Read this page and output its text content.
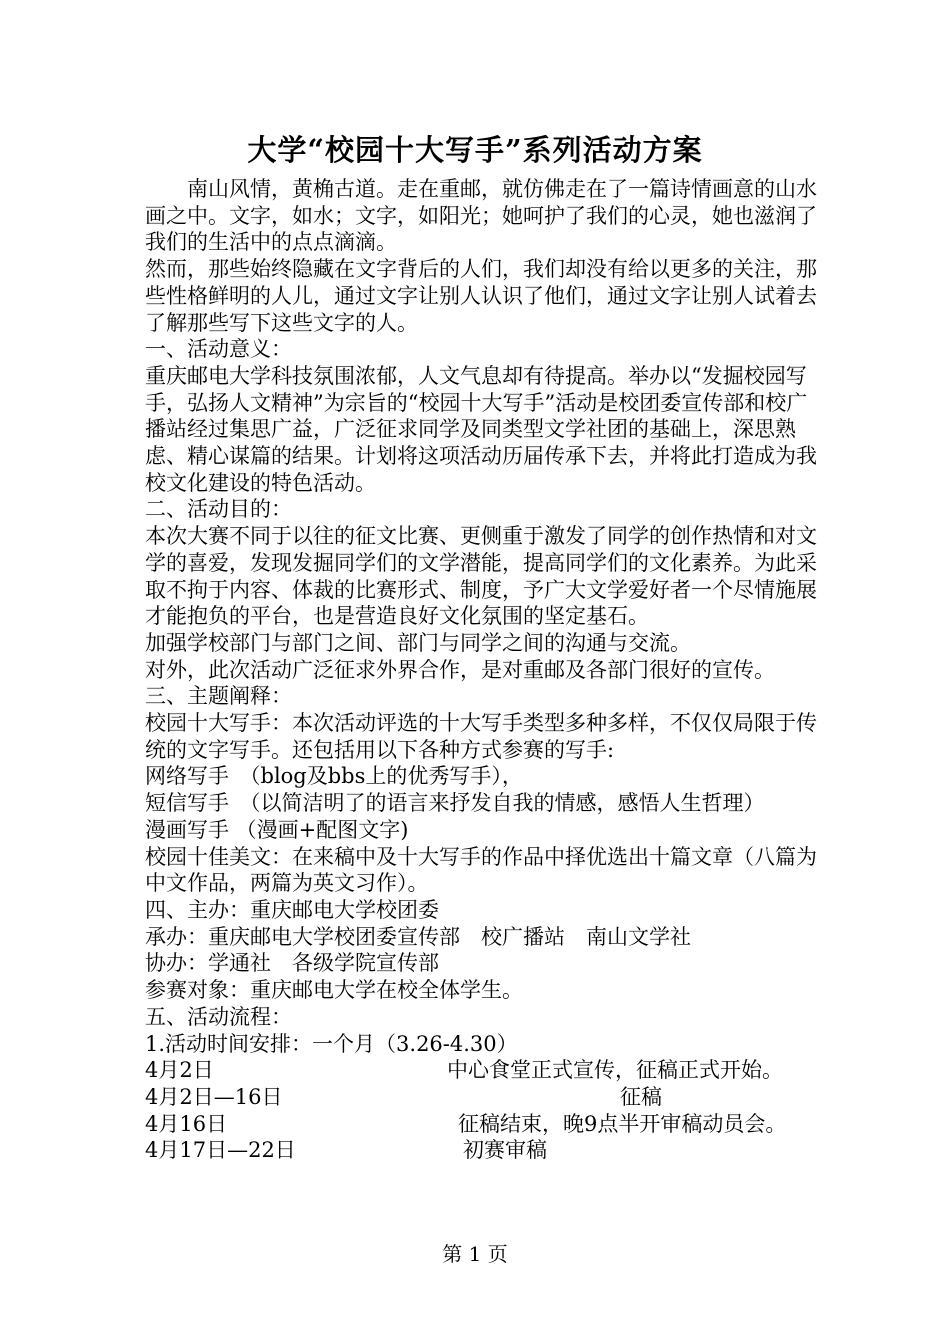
大学“校园十大写手”系列活动方案

南山风情，黄桷古道。走在重邮，就仿佛走在了一篇诗情画意的山水画之中。文字，如水；文字，如阳光；她呵护了我们的心灵，她也滋润了我们的生活中的点点滴滴。

然而，那些始终隐藏在文字背后的人们，我们却没有给以更多的关注，那些性格鲜明的人儿，通过文字让别人认识了他们，通过文字让别人试着去了解那些写下这些文字的人。

一、活动意义：

重庆邮电大学科技氛围浓郁，人文气息却有待提高。举办以“发掘校园写手，弘扬人文精神”为宗旨的“校园十大写手”活动是校团委宣传部和校广播站经过集思广益，广泛征求同学及同类型文学社团的基础上，深思熟虑、精心谋篇的结果。计划将这项活动历届传承下去，并将此打造成为我校文化建设的特色活动。

二、活动目的：

本次大赛不同于以往的征文比赛、更侧重于激发了同学的创作热情和对文学的喜爱，发现发掘同学们的文学潜能，提高同学们的文化素养。为此采取不拘于内容、体裁的比赛形式、制度，予广大文学爱好者一个尽情施展才能抱负的平台，也是营造良好文化氛围的坚定基石。

加强学校部门与部门之间、部门与同学之间的沟通与交流。

对外，此次活动广泛征求外界合作，是对重邮及各部门很好的宣传。

三、主题阐释：

校园十大写手：本次活动评选的十大写手类型多种多样，不仅仅局限于传统的文字写手。还包括用以下各种方式参赛的写手:

网络写手　（blog及bbs上的优秀写手），

短信写手　（以简洁明了的语言来抒发自我的情感，感悟人生哲理）

漫画写手 （漫画+配图文字)

校园十佳美文：在来稿中及十大写手的作品中择优选出十篇文章（八篇为中文作品，两篇为英文习作）。

四、主办：重庆邮电大学校团委

承办：重庆邮电大学校团委宣传部　校广播站　南山文学社

协办：学通社　各级学院宣传部

参赛对象：重庆邮电大学在校全体学生。

五、活动流程：

1.活动时间安排：一个月（3.26-4.30）

4月2日	中心食堂正式宣传，征稿正式开始。
4月2日—16日	征稿

4月16日	征稿结束，晚9点半开审稿动员会。

4月17日—22日	初赛审稿
第 1 页
